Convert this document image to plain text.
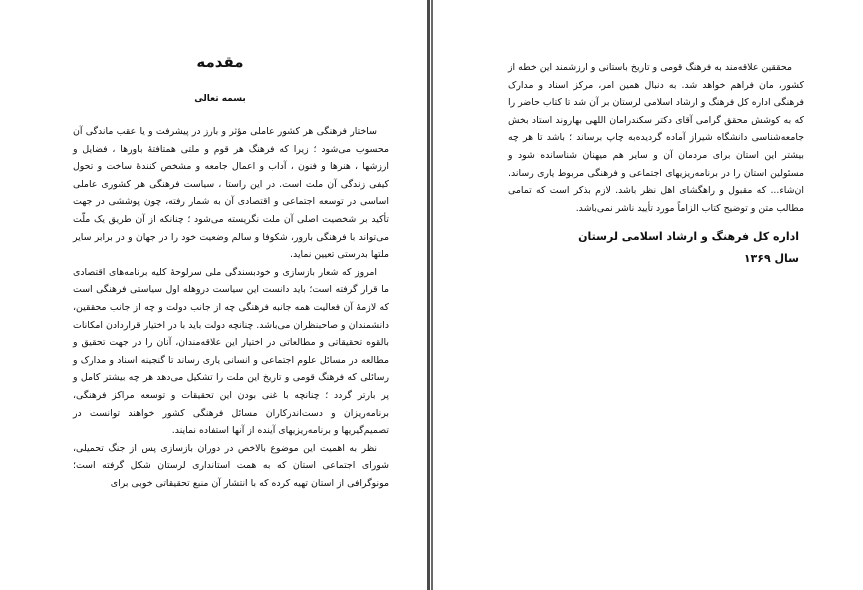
مقدمه
بسمه تعالی

ساختار فرهنگی هر کشور عاملی مؤثر و بارز در پیشرفت و یا عقب ماندگی آن محسوب می‌شود ؛ زیرا که فرهنگ هر قوم و ملتی همتافتهٔ باورها ، فضایل و ارزشها ، هنرها و فنون ، آداب و اعمال جامعه و مشخص کنندهٔ ساخت و تحول کیفی زندگی آن ملت است. در این راستا ، سیاست فرهنگی هر کشوری عاملی اساسی در توسعه اجتماعی و اقتصادی آن به شمار رفته، چون پوششی در جهت تأکید بر شخصیت اصلی آن ملت نگریسته می‌شود ؛ چنانکه از آن طریق یک ملّت می‌تواند با فرهنگی بارور، شکوفا و سالم وضعیت خود را در جهان و در برابر سایر ملتها بدرستی تعیین نماید.

امروز که شعار بازسازی و خودبسندگی ملی سرلوحهٔ کلیه برنامه‌های اقتصادی ما قرار گرفته است؛ باید دانست این سیاست دروهله اول سیاستی فرهنگی است که لازمهٔ آن فعالیت همه جانبه فرهنگی چه از جانب دولت و چه از جانب محققین، دانشمندان و صاحبنظران می‌باشد. چنانچه دولت باید با در اختیار قراردادن امکانات بالقوه تحقیقاتی و مطالعاتی در اختیار این علاقه‌مندان، آنان را در جهت تحقیق و مطالعه در مسائل علوم اجتماعی و انسانی یاری رساند تا گنجینه اسناد و مدارک و رسائلی که فرهنگ قومی و تاریخ این ملت را تشکیل می‌دهد هر چه بیشتر کامل و پر بارتر گردد ؛ چنانچه با غنی بودن این تحقیقات و توسعه مراکز فرهنگی، برنامه‌ریزان و دست‌اندرکاران مسائل فرهنگی کشور خواهند توانست در تصمیم‌گیریها و برنامه‌ریزیهای آینده از آنها استفاده نمایند.

نظر به اهمیت این موضوع بالاخص در دوران بازسازی پس از جنگ تحمیلی، شورای اجتماعی استان که به همت استانداری لرستان شکل گرفته است؛ مونوگرافی از استان تهیه کرده که با انتشار آن منبع تحقیقاتی خوبی برای

محققین علاقه‌مند به فرهنگ قومی و تاریخ باستانی و ارزشمند این خطه از کشور، مان فراهم خواهد شد. به دنبال همین امر، مرکز اسناد و مدارک فرهنگی اداره کل فرهنگ و ارشاد اسلامی لرستان بر آن شد تا کتاب حاضر را که به کوشش محقق گرامی آقای دکتر سکندرامان اللهی بهاروند استاد بخش جامعه‌شناسی دانشگاه شیراز آماده گردیده‌به چاپ برساند ؛ باشد تا هر چه بیشتر این استان برای مردمان آن و سایر هم میهنان شناسانده شود و مسئولین استان را در برنامه‌ریزیهای اجتماعی و فرهنگی مربوط یاری رساند. ان‌شاء... که مقبول و راهگشای اهل نظر باشد. لازم بذکر است که تمامی مطالب متن و توضیح کتاب الزاماً مورد تأیید ناشر نمی‌باشد.

اداره کل فرهنگ و ارشاد اسلامی لرستان
سال ۱۳۶۹
